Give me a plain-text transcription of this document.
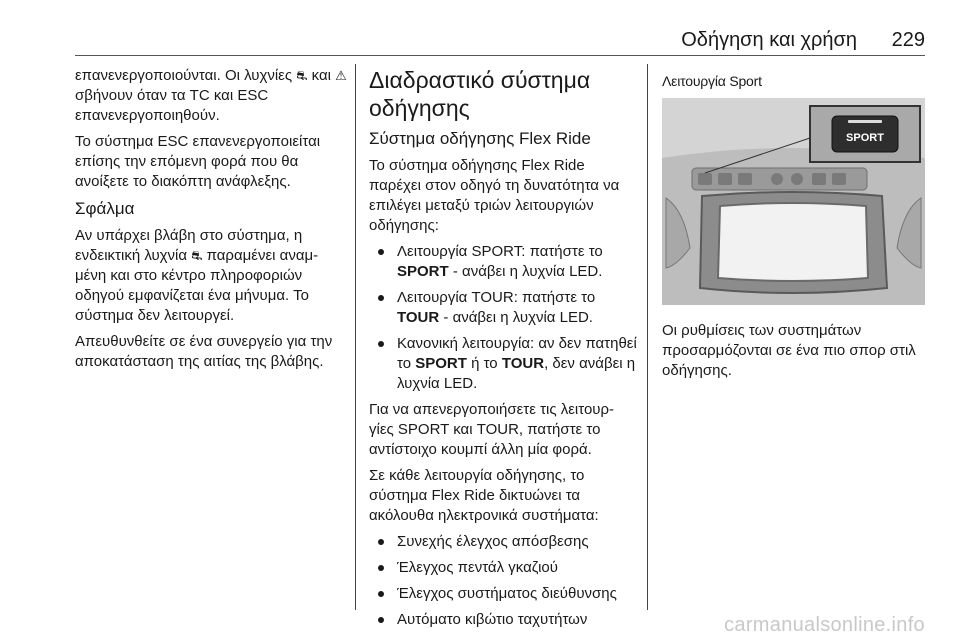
Οδήγηση και χρήση 229

επανενεργοποιούνται. Οι λυχνίες ⛐ και ⚠ σβήνουν όταν τα TC και ESC επανενεργοποιηθούν.

Το σύστημα ESC επανενεργοποιείται επίσης την επόμενη φορά που θα ανοίξετε το διακόπτη ανάφλεξης.

Σφάλμα

Αν υπάρχει βλάβη στο σύστημα, η ενδεικτική λυχνία ⛐ παραμένει αναμ-μένη και στο κέντρο πληροφοριών οδηγού εμφανίζεται ένα μήνυμα. Το σύστημα δεν λειτουργεί.

Απευθυνθείτε σε ένα συνεργείο για την αποκατάσταση της αιτίας της βλάβης.

Διαδραστικό σύστημα οδήγησης
Σύστημα οδήγησης Flex Ride

Το σύστημα οδήγησης Flex Ride παρέχει στον οδηγό τη δυνατότητα να επιλέγει μεταξύ τριών λειτουργιών οδήγησης:

Λειτουργία SPORT: πατήστε το SPORT - ανάβει η λυχνία LED.
Λειτουργία TOUR: πατήστε το TOUR - ανάβει η λυχνία LED.
Κανονική λειτουργία: αν δεν πατηθεί το SPORT ή το TOUR, δεν ανάβει η λυχνία LED.

Για να απενεργοποιήσετε τις λειτουρ-γίες SPORT και TOUR, πατήστε το αντίστοιχο κουμπί άλλη μία φορά.

Σε κάθε λειτουργία οδήγησης, το σύστημα Flex Ride δικτυώνει τα ακόλουθα ηλεκτρονικά συστήματα:

Συνεχής έλεγχος απόσβεσης
Έλεγχος πεντάλ γκαζιού
Έλεγχος συστήματος διεύθυνσης
Αυτόματο κιβώτιο ταχυτήτων
Λειτουργία Sport
SPORT

Οι ρυθμίσεις των συστημάτων προσαρμόζονται σε ένα πιο σπορ στιλ οδήγησης.

carmanualsonline.info
